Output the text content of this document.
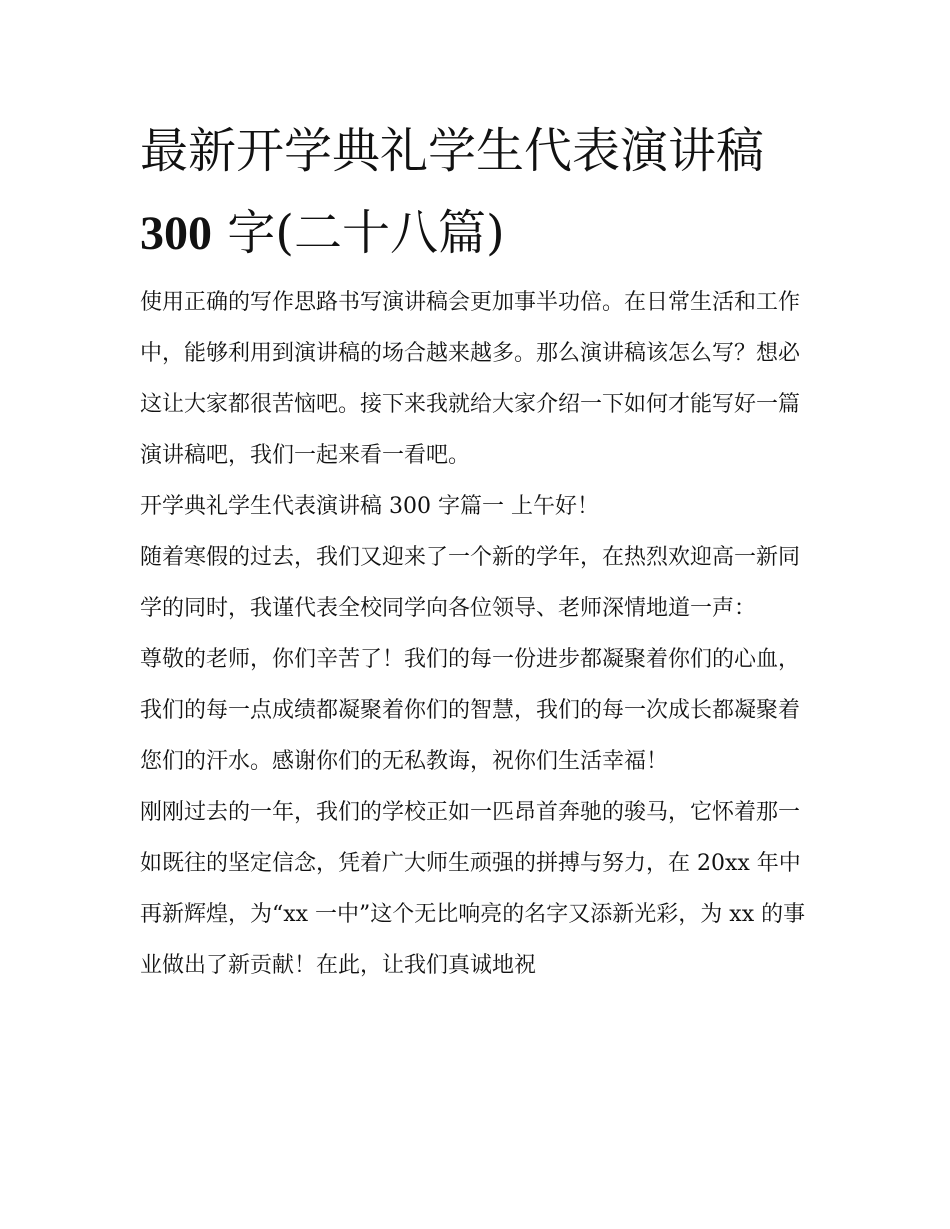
最新开学典礼学生代表演讲稿
300 字(二十八篇)

使用正确的写作思路书写演讲稿会更加事半功倍。在日常生活和工作中，能够利用到演讲稿的场合越来越多。那么演讲稿该怎么写？想必这让大家都很苦恼吧。接下来我就给大家介绍一下如何才能写好一篇演讲稿吧，我们一起来看一看吧。

开学典礼学生代表演讲稿 300 字篇一 上午好！

随着寒假的过去，我们又迎来了一个新的学年，在热烈欢迎高一新同学的同时，我谨代表全校同学向各位领导、老师深情地道一声：

尊敬的老师，你们辛苦了！我们的每一份进步都凝聚着你们的心血，我们的每一点成绩都凝聚着你们的智慧，我们的每一次成长都凝聚着您们的汗水。感谢你们的无私教诲，祝你们生活幸福！

刚刚过去的一年，我们的学校正如一匹昂首奔驰的骏马，它怀着那一如既往的坚定信念，凭着广大师生顽强的拼搏与努力，在 20xx 年中再新辉煌，为“xx 一中”这个无比响亮的名字又添新光彩，为 xx 的事业做出了新贡献！在此，让我们真诚地祝
